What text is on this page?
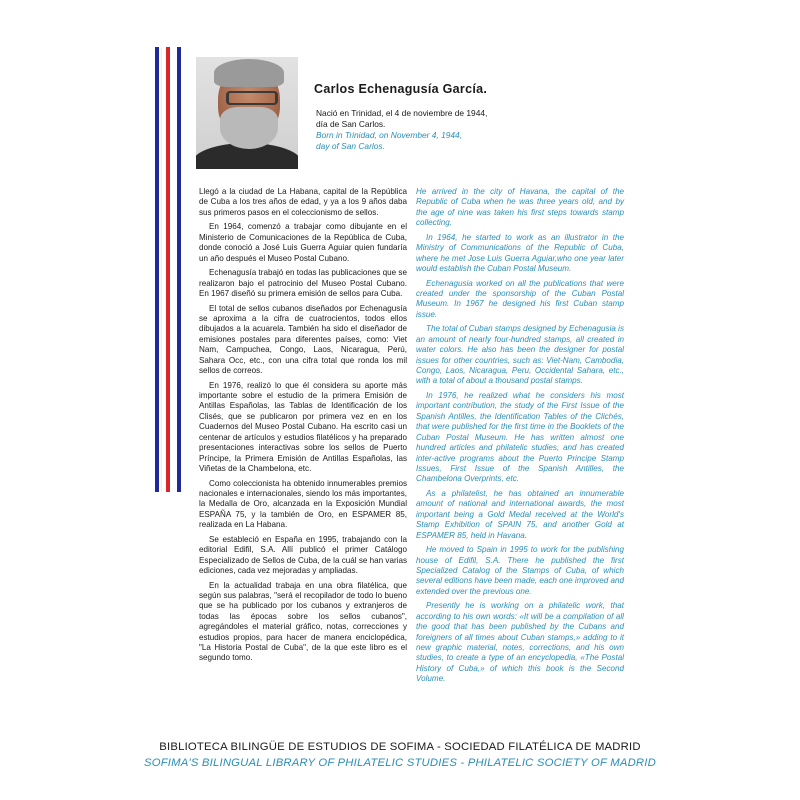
Carlos Echenagusía García.
Nació en Trinidad, el 4 de noviembre de 1944,
día de San Carlos.
Born in Trinidad, on November 4, 1944,
day of San Carlos.

Llegó a la ciudad de La Habana, capital de la República de Cuba a los tres años de edad, y ya a los 9 años daba sus primeros pasos en el coleccionismo de sellos.

En 1964, comenzó a trabajar como dibujante en el Ministerio de Comunicaciones de la República de Cuba, donde conoció a José Luis Guerra Aguiar quien fundaría un año después el Museo Postal Cubano.

Echenagusía trabajó en todas las publicaciones que se realizaron bajo el patrocinio del Museo Postal Cubano. En 1967 diseñó su primera emisión de sellos para Cuba.

El total de sellos cubanos diseñados por Echenagusía se aproxima a la cifra de cuatrocientos, todos ellos dibujados a la acuarela. También ha sido el diseñador de emisiones postales para diferentes países, como: Viet Nam, Campuchea, Congo, Laos, Nicaragua, Perú, Sahara Occ, etc., con una cifra total que ronda los mil sellos de correos.

En 1976, realizó lo que él considera su aporte más importante sobre el estudio de la primera Emisión de Antillas Españolas, las Tablas de Identificación de los Clisés, que se publicaron por primera vez en en los Cuadernos del Museo Postal Cubano. Ha escrito casi un centenar de artículos y estudios filatélicos y ha preparado presentaciones interactivas sobre los sellos de Puerto Príncipe, la Primera Emisión de Antillas Españolas, las Viñetas de la Chambelona, etc.

Como coleccionista ha obtenido innumerables premios nacionales e internacionales, siendo los más importantes, la Medalla de Oro, alcanzada en la Exposición Mundial ESPAÑA 75, y la también de Oro, en ESPAMER 85, realizada en La Habana.

Se estableció en España en 1995, trabajando con la editorial Edifil, S.A. Allí publicó el primer Catálogo Especializado de Sellos de Cuba, de la cuál se han varias ediciones, cada vez mejoradas y ampliadas.

En la actualidad trabaja en una obra filatélica, que según sus palabras, "será el recopilador de todo lo bueno que se ha publicado por los cubanos y extranjeros de todas las épocas sobre los sellos cubanos", agregándoles el material gráfico, notas, correcciones y estudios propios, para hacer de manera enciclopédica, "La Historia Postal de Cuba", de la que este libro es el segundo tomo.

He arrived in the city of Havana, the capital of the Republic of Cuba when he was three years old, and by the age of nine was taken his first steps towards stamp collecting.

In 1964, he started to work as an illustrator in the Ministry of Communications of the Republic of Cuba, where he met Jose Luis Guerra Aguiar,who one year later would establish the Cuban Postal Museum.

Echenagusia worked on all the publications that were created under the sponsorship of the Cuban Postal Museum. In 1967 he designed his first Cuban stamp issue.

The total of Cuban stamps designed by Echenagusia is an amount of nearly four-hundred stamps, all created in water colors. He also has been the designer for postal issues for other countries, such as: Viet-Nam, Cambodia, Congo, Laos, Nicaragua, Peru, Occidental Sahara, etc., with a total of about a thousand postal stamps.

In 1976, he realized what he considers his most important contribution, the study of the First Issue of the Spanish Antilles, the Identification Tables of the Clichés, that were published for the first time in the Booklets of the Cuban Postal Museum. He has written almost one hundred articles and philatelic studies, and has created inter-active programs about the Puerto Principe Stamp Issues, First Issue of the Spanish Antilles, the Chambelona Overprints, etc.

As a philatelist, he has obtained an innumerable amount of national and international awards, the most important being a Gold Medal received at the World's Stamp Exhibition of SPAIN 75, and another Gold at ESPAMER 85, held in Havana.

He moved to Spain in 1995 to work for the publishing house of Edifil, S.A. There he published the first Specialized Catalog of the Stamps of Cuba, of which several editions have been made, each one improved and extended over the previous one.

Presently he is working on a philatelic work, that according to his own words: «It will be a compilation of all the good that has been published by the Cubans and foreigners of all times about Cuban stamps,» adding to it new graphic material, notes, corrections, and his own studies, to create a type of an encyclopedia, «The Postal History of Cuba,» of which this book is the Second Volume.

BIBLIOTECA BILINGÜE DE ESTUDIOS DE SOFIMA - SOCIEDAD FILATÉLICA DE MADRID
SOFIMA'S BILINGUAL LIBRARY OF PHILATELIC STUDIES - PHILATELIC SOCIETY OF MADRID
